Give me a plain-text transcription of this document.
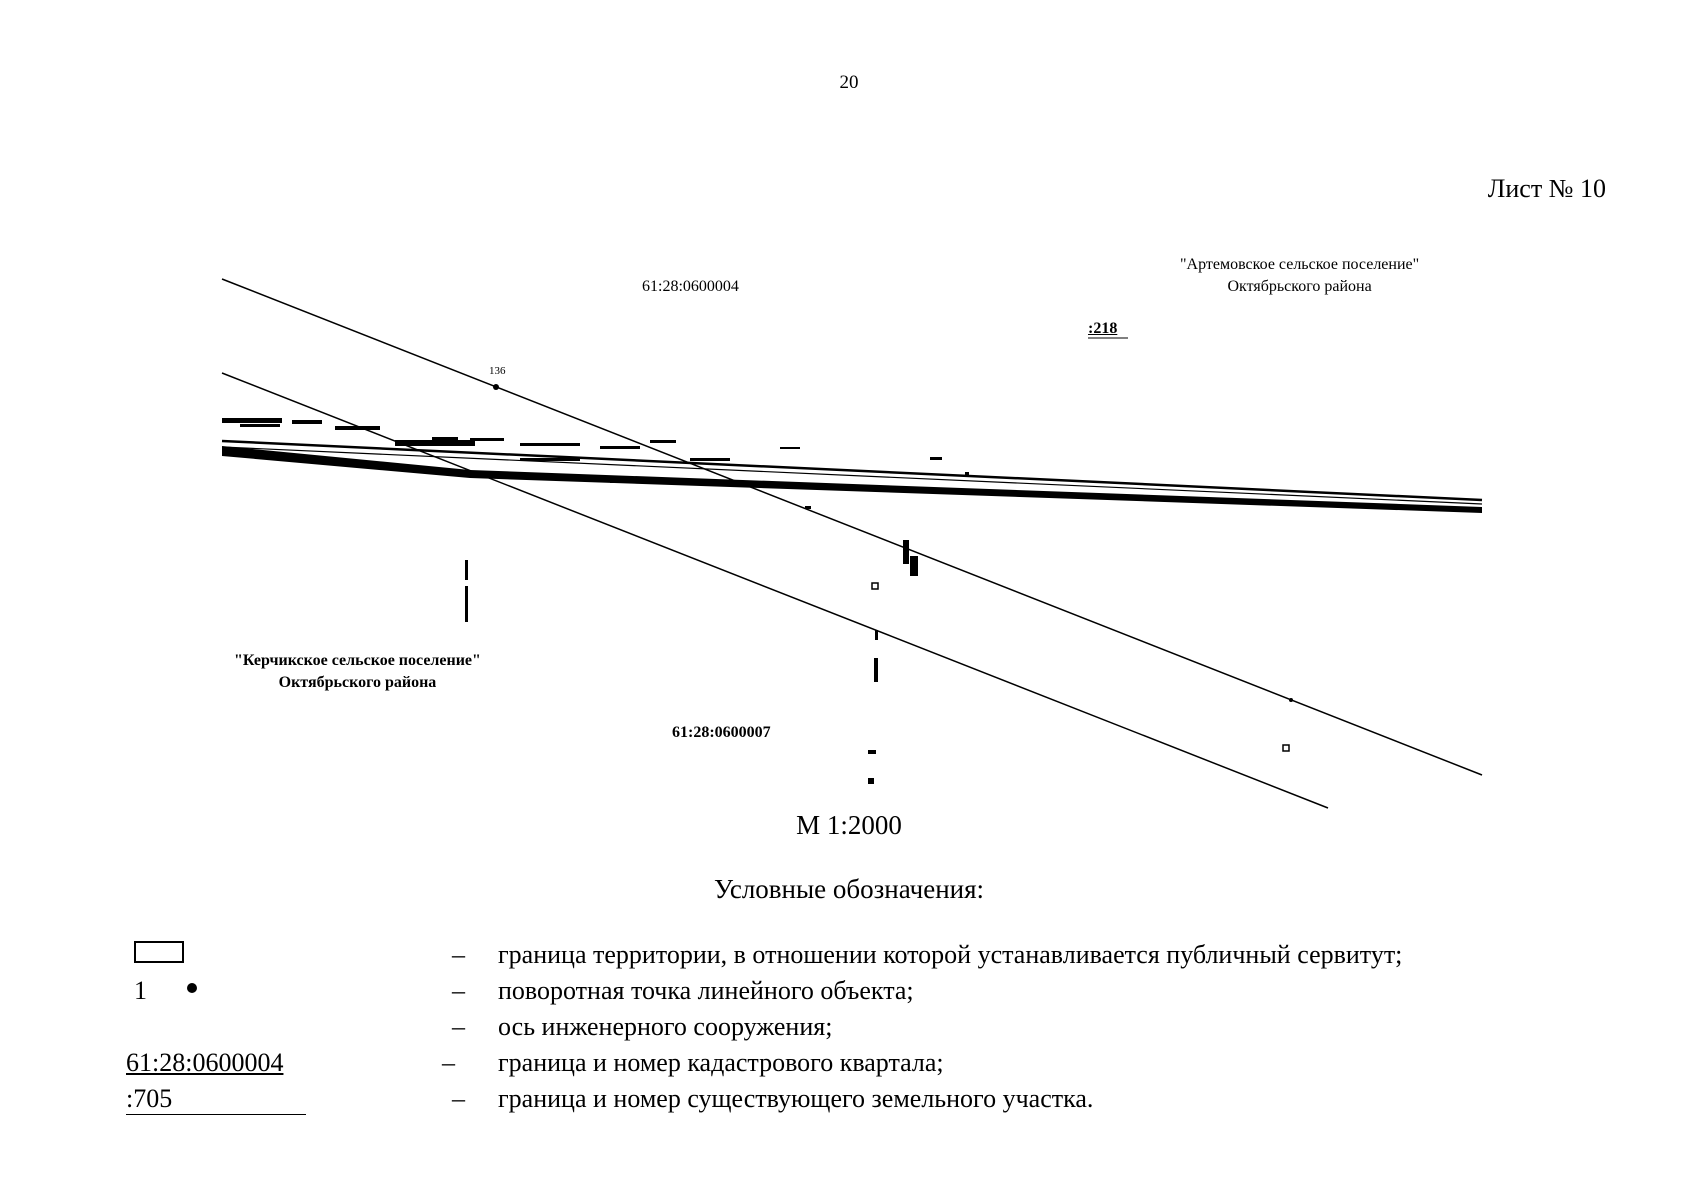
20
Лист № 10
61:28:0600004
:218
136
"Артемовское сельское поселение"
Октябрьского района
"Керчикское сельское поселение"
Октябрьского района
61:28:0600007
М 1:2000
Условные обозначения:
– граница территории, в отношении которой устанавливается публичный сервитут;
1	– поворотная точка линейного объекта;
– ось инженерного сооружения;
61:28:0600004	– граница и номер кадастрового квартала;
:705	– граница и номер существующего земельного участка.
